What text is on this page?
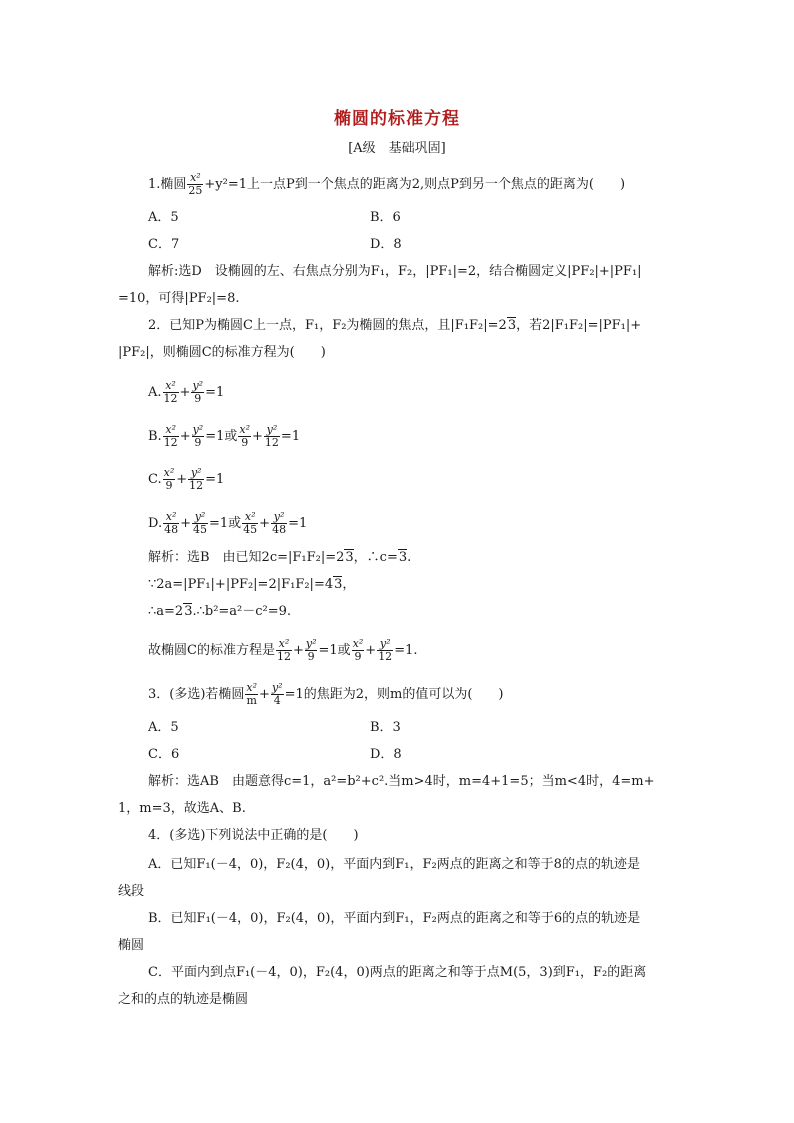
椭圆的标准方程
[A级　基础巩固]
1.椭圆 $\frac{\text{x²}}{25} +y^2=1$上一点P到一个焦点的距离为2,则点P到另一个焦点的距离为(　　)
A．5	B．6
C．7	D．8
解析:选D　设椭圆的左、右焦点分别为F₁，F₂，|PF₁|=2，结合椭圆定义|PF₂|+|PF₁|
=10，可得|PF₂|=8.
2．已知P为椭圆C上一点，F₁，F₂为椭圆的焦点，且|F₁F₂|=23，若2|F₁F₂|=|PF₁|+
|PF₂|，则椭圆C的标准方程为(　　)
A. $\frac{\text{x²}}{12} + \frac{\text{y²}}{9} =1$
B. $\frac{\text{x²}}{12} + \frac{\text{y²}}{9} =1$或 $\frac{\text{x²}}{9} + \frac{\text{y²}}{12} =1$
C. $\frac{\text{x²}}{9} + \frac{\text{y²}}{12} =1$
D. $\frac{\text{x²}}{48} + \frac{\text{y²}}{45} =1$或 $\frac{\text{x²}}{45} + \frac{\text{y²}}{48} =1$
解析：选B　由已知2c=|F₁F₂|=23，∴c=3.
∵2a=|PF₁|+|PF₂|=2|F₁F₂|=43，
∴a=23.∴b²=a²－c²=9.
故椭圆C的标准方程是 $\frac{\text{x²}}{12} + \frac{\text{y²}}{9} =1$或 $\frac{\text{x²}}{9} + \frac{\text{y²}}{12} =1$.
3．(多选)若椭圆 $\frac{\text{x²}}{m} + \frac{\text{y²}}{4} =1$的焦距为2，则m的值可以为(　　)
A．5	B．3
C．6	D．8
解析：选AB　由题意得c=1，a²=b²+c².当m>4时，m=4+1=5；当m<4时，4=m+
1，m=3，故选A、B.
4．(多选)下列说法中正确的是(　　)
A．已知F₁(－4，0)，F₂(4，0)，平面内到F₁，F₂两点的距离之和等于8的点的轨迹是
线段
B．已知F₁(－4，0)，F₂(4，0)，平面内到F₁，F₂两点的距离之和等于6的点的轨迹是
椭圆
C．平面内到点F₁(－4，0)，F₂(4，0)两点的距离之和等于点M(5，3)到F₁，F₂的距离
之和的点的轨迹是椭圆
